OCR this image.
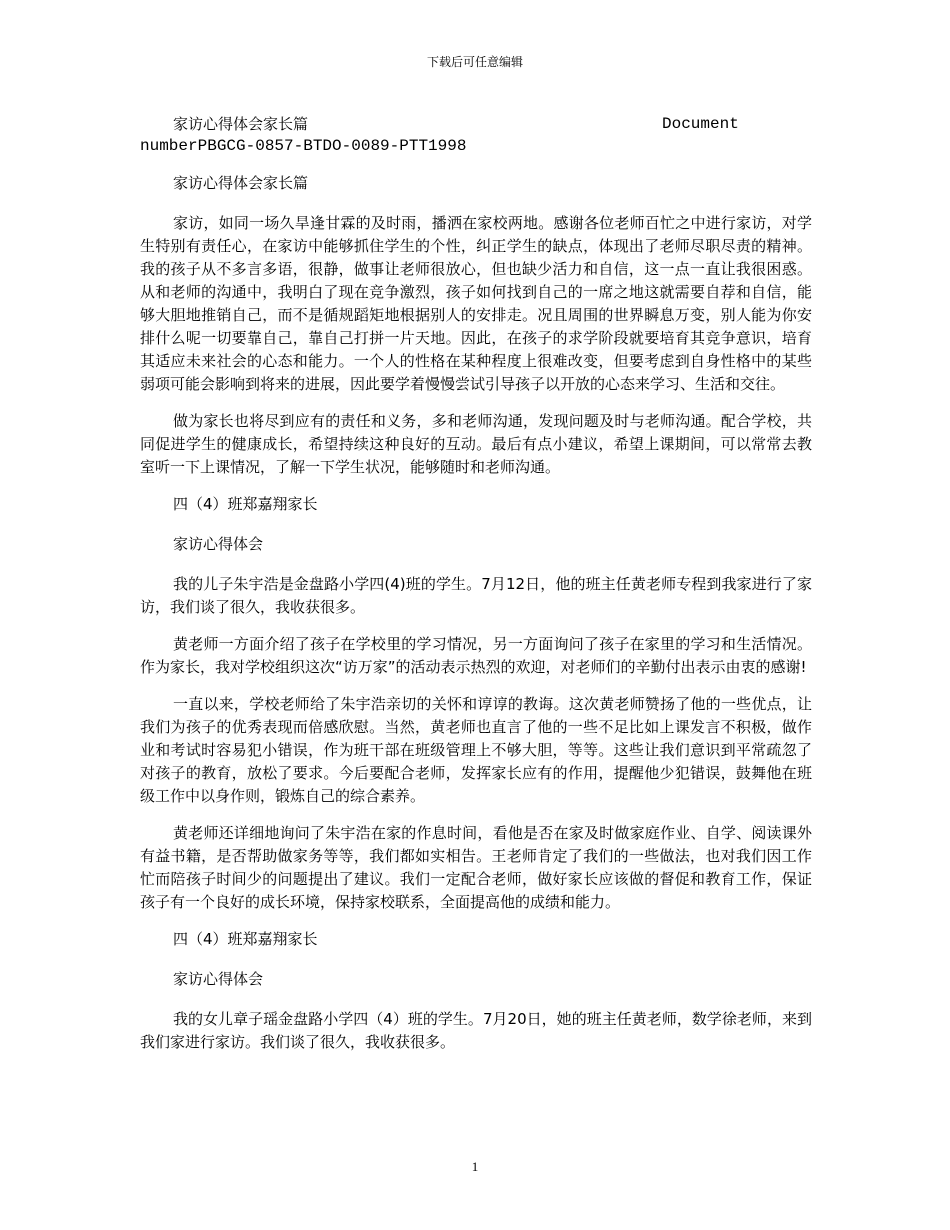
下载后可任意编辑
家访心得体会家长篇	Document
numberPBGCG-0857-BTDO-0089-PTT1998

家访心得体会家长篇

家访，如同一场久旱逢甘霖的及时雨，播洒在家校两地。感谢各位老师百忙之中进行家访，对学生特别有责任心，在家访中能够抓住学生的个性，纠正学生的缺点，体现出了老师尽职尽责的精神。我的孩子从不多言多语，很静，做事让老师很放心，但也缺少活力和自信，这一点一直让我很困惑。从和老师的沟通中，我明白了现在竞争激烈，孩子如何找到自己的一席之地这就需要自荐和自信，能够大胆地推销自己，而不是循规蹈矩地根据别人的安排走。况且周围的世界瞬息万变，别人能为你安排什么呢一切要靠自己，靠自己打拼一片天地。因此，在孩子的求学阶段就要培育其竞争意识，培育其适应未来社会的心态和能力。一个人的性格在某种程度上很难改变，但要考虑到自身性格中的某些弱项可能会影响到将来的进展，因此要学着慢慢尝试引导孩子以开放的心态来学习、生活和交往。

做为家长也将尽到应有的责任和义务，多和老师沟通，发现问题及时与老师沟通。配合学校，共同促进学生的健康成长，希望持续这种良好的互动。最后有点小建议，希望上课期间，可以常常去教室听一下上课情况，了解一下学生状况，能够随时和老师沟通。

四（4）班郑嘉翔家长

家访心得体会

我的儿子朱宇浩是金盘路小学四(4)班的学生。7月12日，他的班主任黄老师专程到我家进行了家访，我们谈了很久，我收获很多。

黄老师一方面介绍了孩子在学校里的学习情况，另一方面询问了孩子在家里的学习和生活情况。作为家长，我对学校组织这次“访万家”的活动表示热烈的欢迎，对老师们的辛勤付出表示由衷的感谢!

一直以来，学校老师给了朱宇浩亲切的关怀和谆谆的教诲。这次黄老师赞扬了他的一些优点，让我们为孩子的优秀表现而倍感欣慰。当然，黄老师也直言了他的一些不足比如上课发言不积极，做作业和考试时容易犯小错误，作为班干部在班级管理上不够大胆，等等。这些让我们意识到平常疏忽了对孩子的教育，放松了要求。今后要配合老师，发挥家长应有的作用，提醒他少犯错误，鼓舞他在班级工作中以身作则，锻炼自己的综合素养。

黄老师还详细地询问了朱宇浩在家的作息时间，看他是否在家及时做家庭作业、自学、阅读课外有益书籍，是否帮助做家务等等，我们都如实相告。王老师肯定了我们的一些做法，也对我们因工作忙而陪孩子时间少的问题提出了建议。我们一定配合老师，做好家长应该做的督促和教育工作，保证孩子有一个良好的成长环境，保持家校联系，全面提高他的成绩和能力。

四（4）班郑嘉翔家长

家访心得体会

我的女儿章子瑶金盘路小学四（4）班的学生。7月20日，她的班主任黄老师，数学徐老师，来到我们家进行家访。我们谈了很久，我收获很多。

1
